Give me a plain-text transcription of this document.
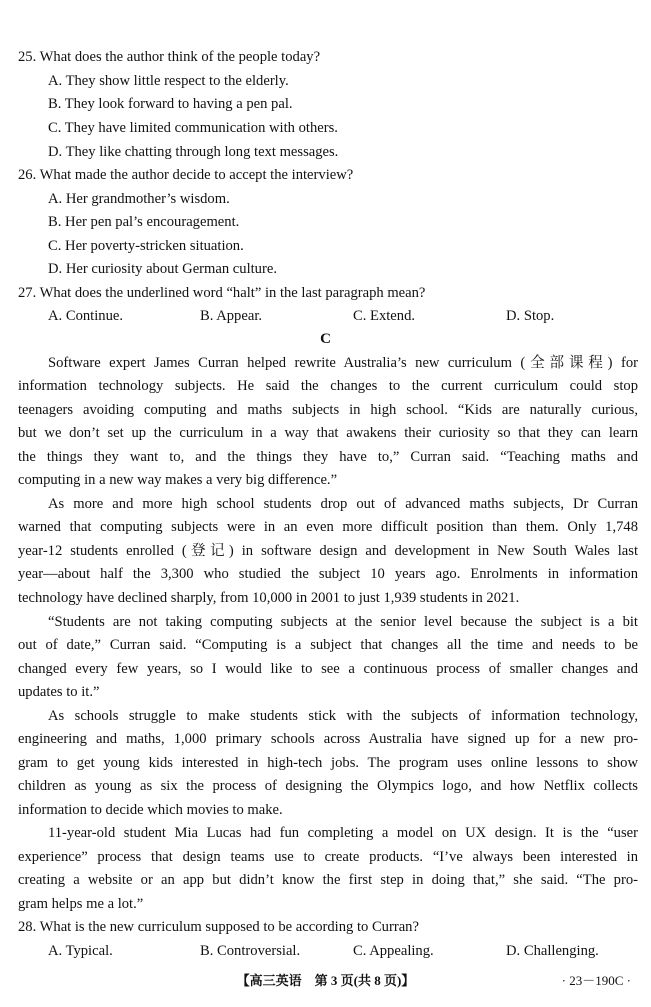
25. What does the author think of the people today?
A. They show little respect to the elderly.
B. They look forward to having a pen pal.
C. They have limited communication with others.
D. They like chatting through long text messages.
26. What made the author decide to accept the interview?
A. Her grandmother’s wisdom.
B. Her pen pal’s encouragement.
C. Her poverty-stricken situation.
D. Her curiosity about German culture.
27. What does the underlined word “halt” in the last paragraph mean?
A. Continue.	B. Appear.	C. Extend.	D. Stop.
C
Software expert James Curran helped rewrite Australia’s new curriculum (全部课程) for
information technology subjects. He said the changes to the current curriculum could stop
teenagers avoiding computing and maths subjects in high school. “Kids are naturally curious,
but we don’t set up the curriculum in a way that awakens their curiosity so that they can learn
the things they want to, and the things they have to,” Curran said. “Teaching maths and
computing in a new way makes a very big difference.”
As more and more high school students drop out of advanced maths subjects, Dr Curran
warned that computing subjects were in an even more difficult position than them. Only 1,748
year-12 students enrolled (登记) in software design and development in New South Wales last
year—about half the 3,300 who studied the subject 10 years ago. Enrolments in information
technology have declined sharply, from 10,000 in 2001 to just 1,939 students in 2021.
“Students are not taking computing subjects at the senior level because the subject is a bit
out of date,” Curran said. “Computing is a subject that changes all the time and needs to be
changed every few years, so I would like to see a continuous process of smaller changes and
updates to it.”
As schools struggle to make students stick with the subjects of information technology,
engineering and maths, 1,000 primary schools across Australia have signed up for a new pro-
gram to get young kids interested in high-tech jobs. The program uses online lessons to show
children as young as six the process of designing the Olympics logo, and how Netflix collects
information to decide which movies to make.
11-year-old student Mia Lucas had fun completing a model on UX design. It is the “user
experience” process that design teams use to create products. “I’ve always been interested in
creating a website or an app but didn’t know the first step in doing that,” she said. “The pro-
gram helps me a lot.”
28. What is the new curriculum supposed to be according to Curran?
A. Typical.	B. Controversial.	C. Appealing.	D. Challenging.
【高三英语　第 3 页(共 8 页)】	· 23－190C ·
